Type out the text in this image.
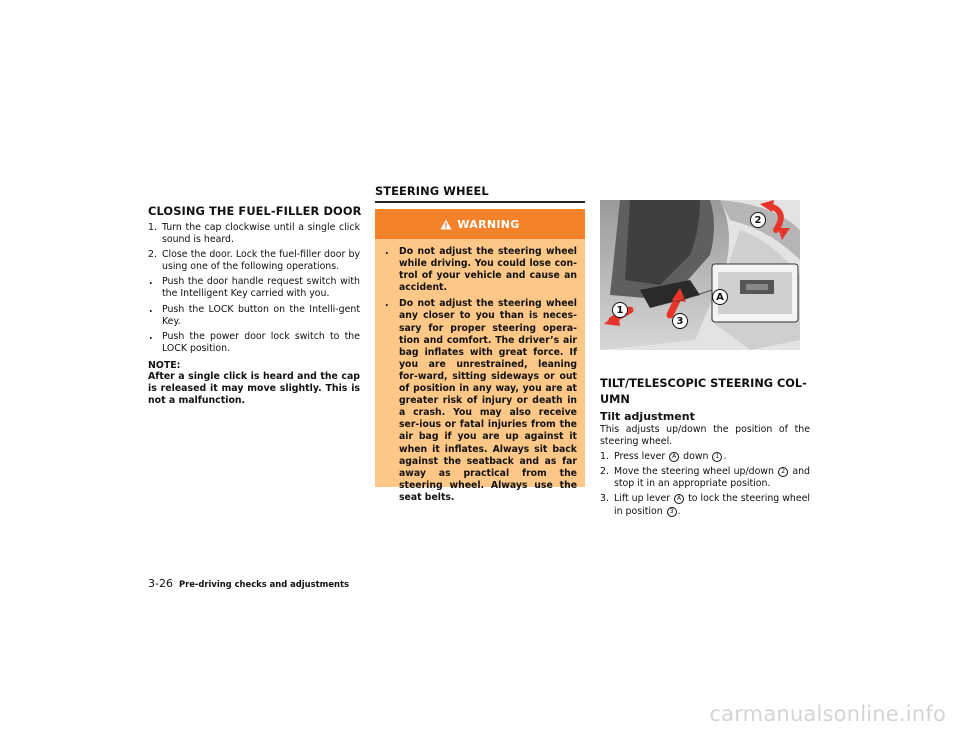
CLOSING THE FUEL-FILLER DOOR
1. Turn the cap clockwise until a single click sound is heard.
2. Close the door. Lock the fuel-filler door by using one of the following operations.
. Push the door handle request switch with the Intelligent Key carried with you.
. Push the LOCK button on the Intelli-gent Key.
. Push the power door lock switch to the LOCK position.
NOTE:
After a single click is heard and the cap is released it may move slightly. This is not a malfunction.
STEERING WHEEL
WARNING
. Do not adjust the steering wheel while driving. You could lose con-trol of your vehicle and cause an accident.
. Do not adjust the steering wheel any closer to you than is neces-sary for proper steering opera-tion and comfort. The driver’s air bag inflates with great force. If you are unrestrained, leaning for-ward, sitting sideways or out of position in any way, you are at greater risk of injury or death in a crash. You may also receive ser-ious or fatal injuries from the air bag if you are up against it when it inflates. Always sit back against the seatback and as far away as practical from the steering wheel. Always use the seat belts.
2
1
3
A
TILT/TELESCOPIC STEERING COL-
UMN
Tilt adjustment

This adjusts up/down the position of the steering wheel.

1. Press lever A down 1 .
2. Move the steering wheel up/down 2 and stop it in an appropriate position.
3. Lift up lever A to lock the steering wheel in position 3 .
3-26 Pre-driving checks and adjustments
carmanualsonline.info
